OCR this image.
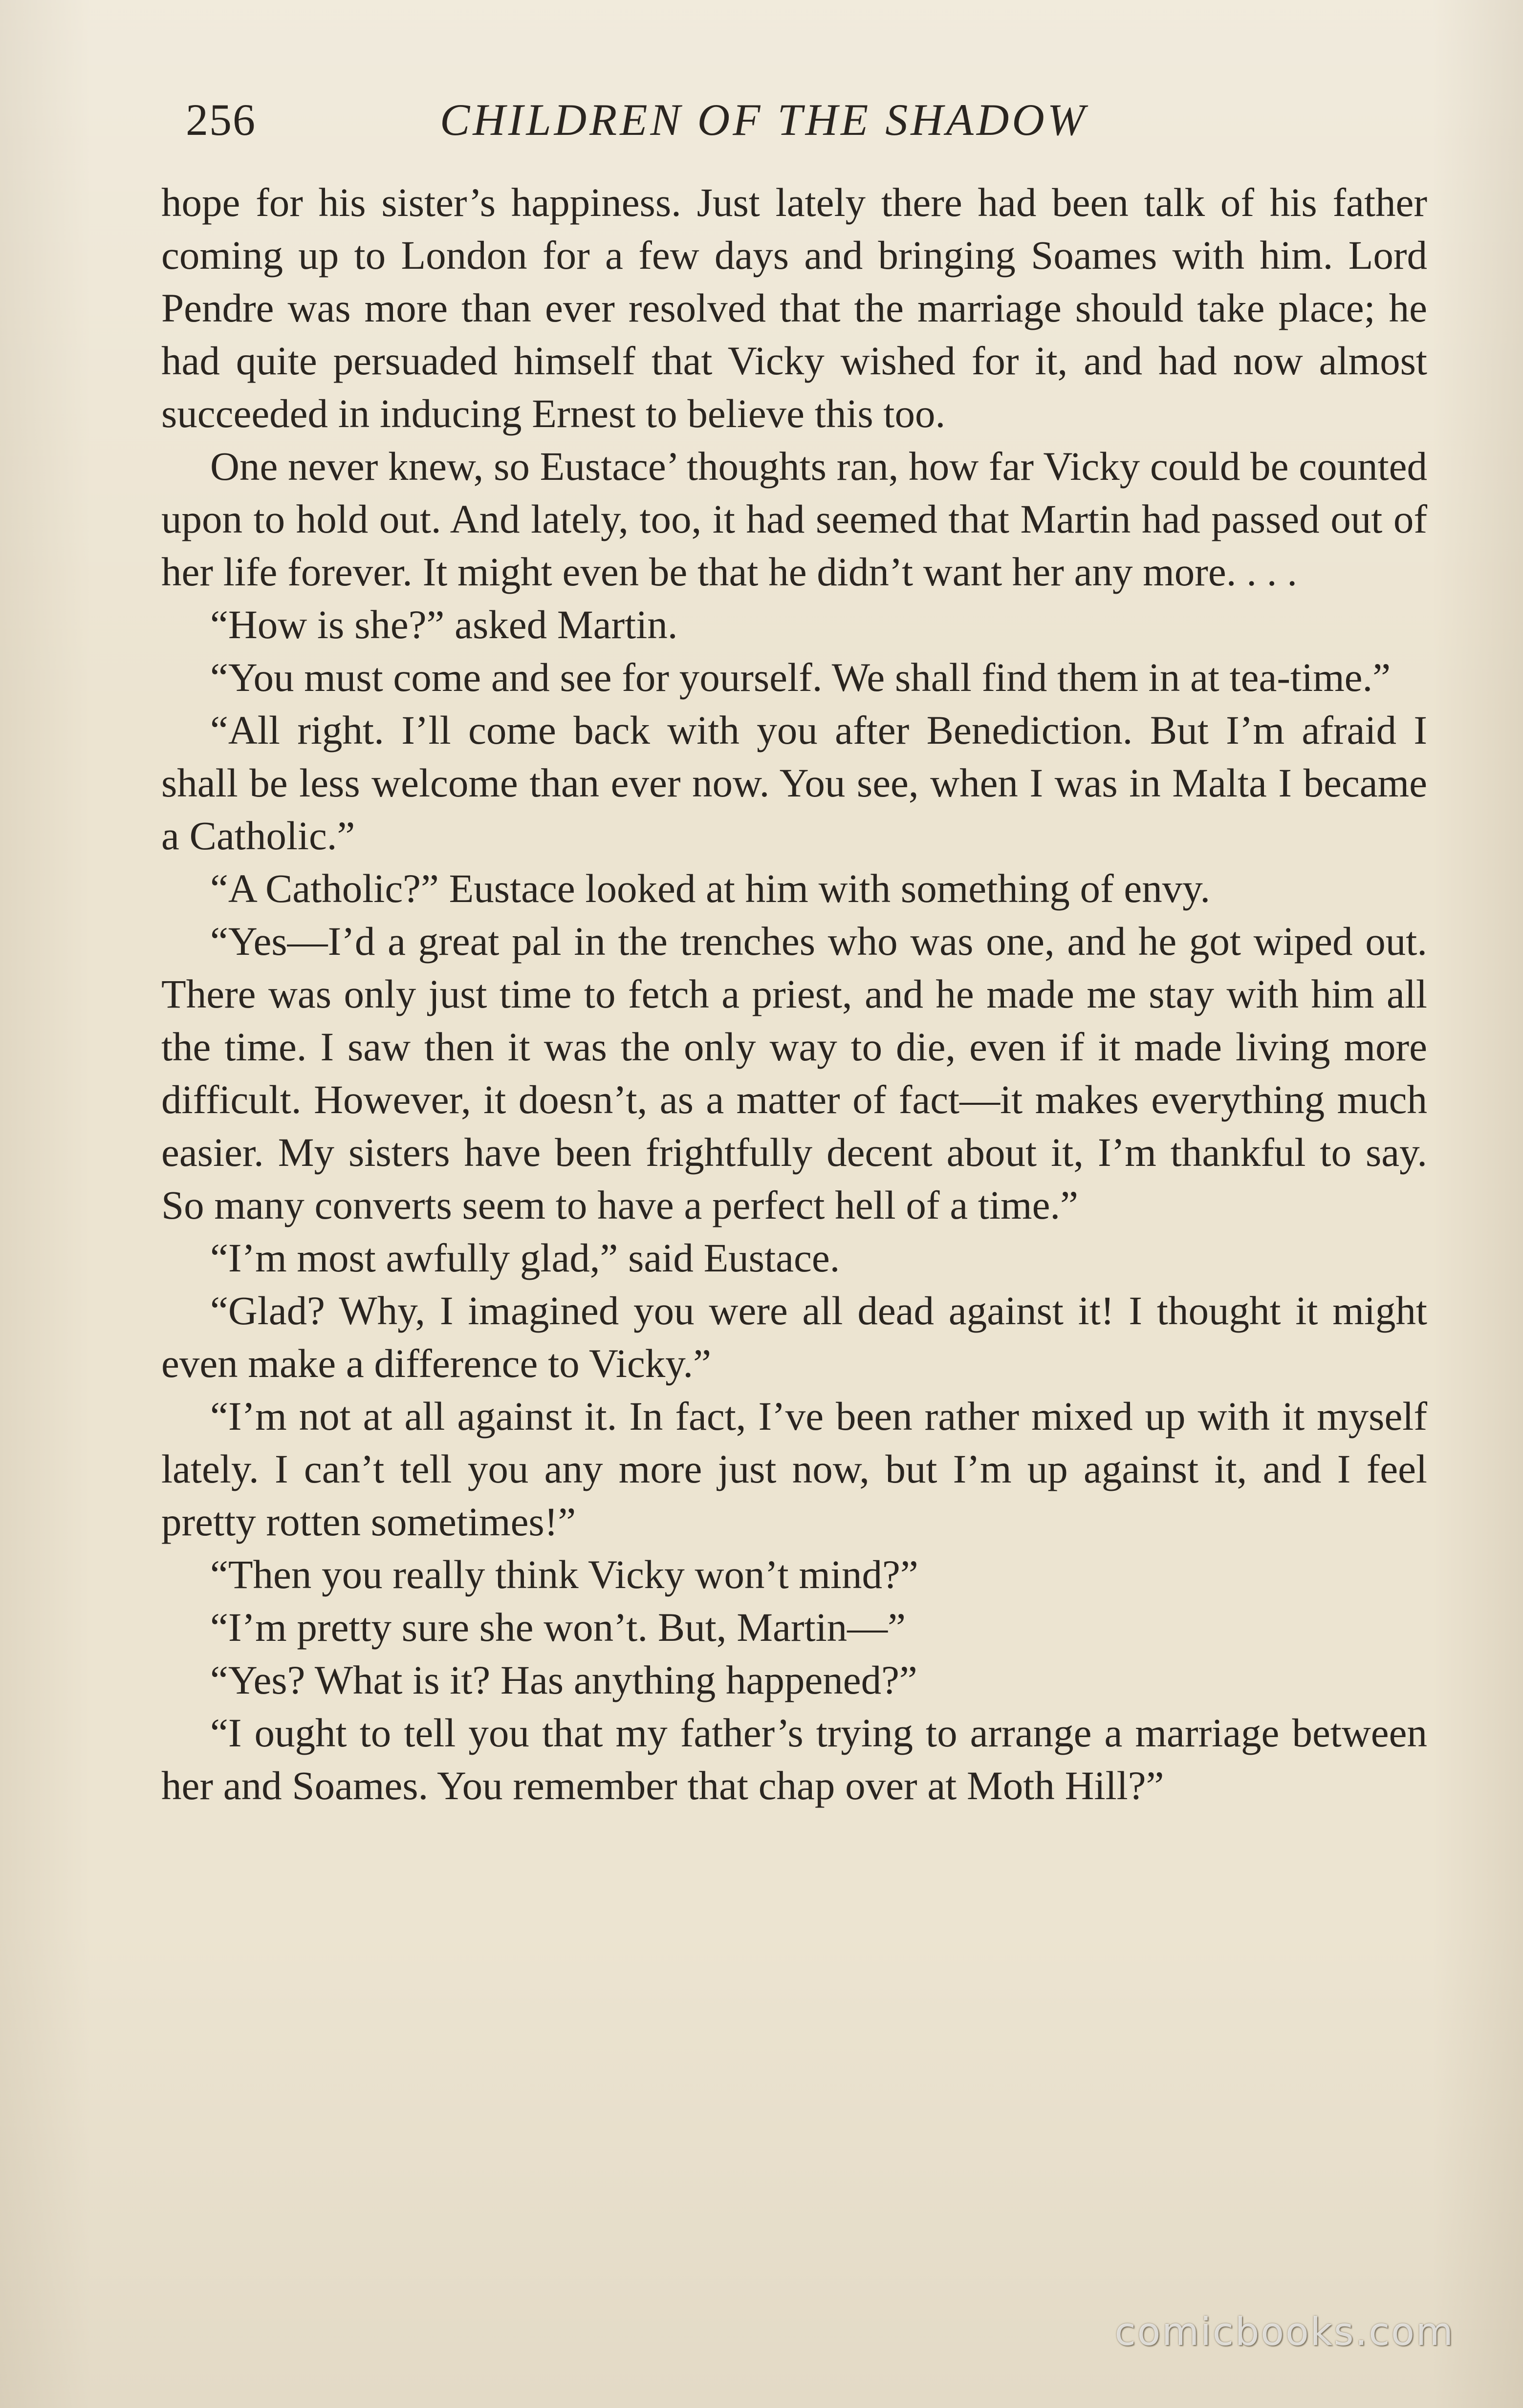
256	CHILDREN OF THE SHADOW

hope for his sister’s happiness. Just lately there had been talk of his father coming up to London for a few days and bringing Soames with him. Lord Pendre was more than ever resolved that the marriage should take place; he had quite persuaded himself that Vicky wished for it, and had now almost succeeded in inducing Ernest to believe this too.

One never knew, so Eustace’ thoughts ran, how far Vicky could be counted upon to hold out. And lately, too, it had seemed that Martin had passed out of her life forever. It might even be that he didn’t want her any more. . . .

“How is she?” asked Martin.

“You must come and see for yourself. We shall find them in at tea-time.”

“All right. I’ll come back with you after Benediction. But I’m afraid I shall be less welcome than ever now. You see, when I was in Malta I became a Catholic.”

“A Catholic?” Eustace looked at him with something of envy.

“Yes—I’d a great pal in the trenches who was one, and he got wiped out. There was only just time to fetch a priest, and he made me stay with him all the time. I saw then it was the only way to die, even if it made living more difficult. However, it doesn’t, as a matter of fact—it makes everything much easier. My sisters have been frightfully decent about it, I’m thankful to say. So many converts seem to have a perfect hell of a time.”

“I’m most awfully glad,” said Eustace.

“Glad? Why, I imagined you were all dead against it! I thought it might even make a difference to Vicky.”

“I’m not at all against it. In fact, I’ve been rather mixed up with it myself lately. I can’t tell you any more just now, but I’m up against it, and I feel pretty rotten sometimes!”

“Then you really think Vicky won’t mind?”

“I’m pretty sure she won’t. But, Martin—”

“Yes? What is it? Has anything happened?”

“I ought to tell you that my father’s trying to arrange a marriage between her and Soames. You remember that chap over at Moth Hill?”

comicbooks.com
